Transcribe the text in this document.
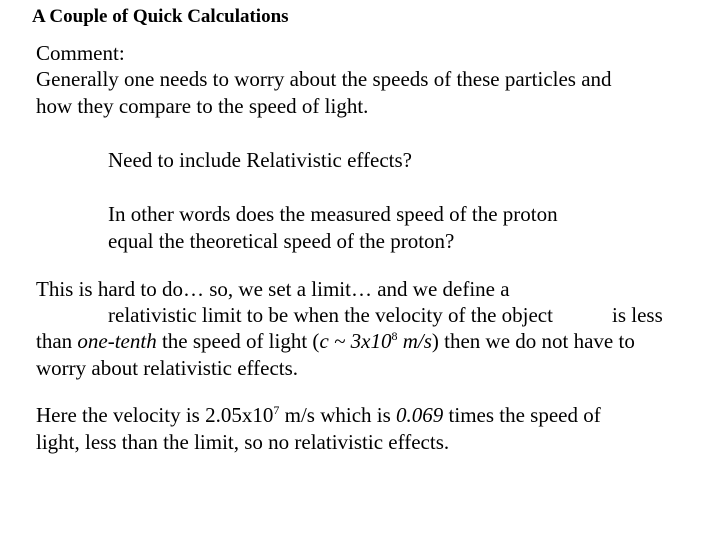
A Couple of Quick Calculations
Comment:
Generally one needs to worry about the speeds of these particles and
how they compare to the speed of light.
Need to include Relativistic effects?
In other words does the measured speed of the proton
equal the theoretical speed of the proton?
This is hard to do… so, we set a limit… and we define a
relativistic limit to be when the velocity of the object	is less
than one-tenth the speed of light (c ~ $3x10^8$ m/s) then we do not have to
worry about relativistic effects.
Here the velocity is $2.05x10^7$ m/s which is 0.069 times the speed of
light, less than the limit, so no relativistic effects.
